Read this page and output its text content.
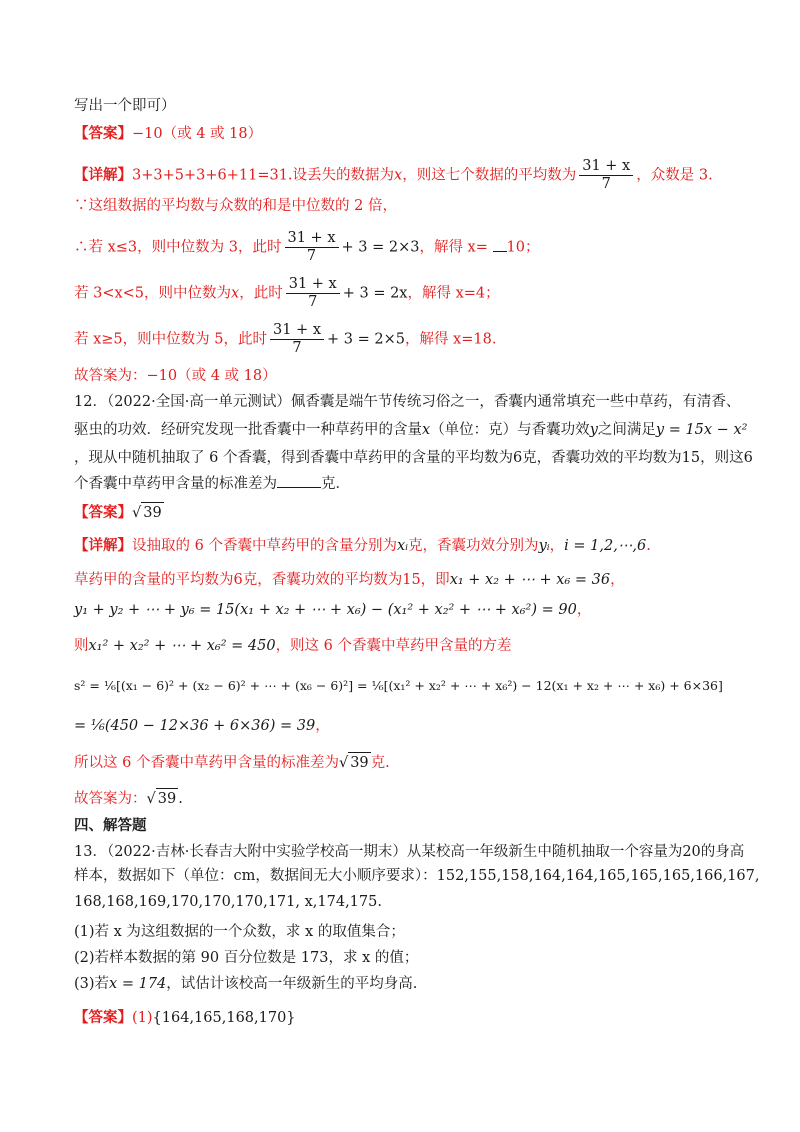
写出一个即可）
【答案】−10（或 4 或 18）
【详解】3+3+5+3+6+11=31.设丢失的数据为x，则这七个数据的平均数为 $\frac{31 + x}{7}$ ，众数是 3.
∵这组数据的平均数与众数的和是中位数的 2 倍，
∴若 x≤3，则中位数为 3，此时 $\frac{31 + x}{7} + 3 = 2\times 3$，解得 x= 10；
若 3<x<5，则中位数为x，此时 $\frac{31 + x}{7} + 3 = 2x$，解得 x=4；
若 x≥5，则中位数为 5，此时 $\frac{31 + x}{7} + 3 = 2\times 5$，解得 x=18.
故答案为：−10（或 4 或 18）
12．（2022·全国·高一单元测试）佩香囊是端午节传统习俗之一，香囊内通常填充一些中草药，有清香、
驱虫的功效．经研究发现一批香囊中一种草药甲的含量x（单位：克）与香囊功效y之间满足y = 15x − x²
，现从中随机抽取了 6 个香囊，得到香囊中草药甲的含量的平均数为6克，香囊功效的平均数为15，则这6
个香囊中草药甲含量的标准差为	克．
【答案】√ 39
【详解】设抽取的 6 个香囊中草药甲的含量分别为xᵢ克，香囊功效分别为yᵢ，i = 1,2,⋯,6.
草药甲的含量的平均数为6克，香囊功效的平均数为15，即x₁ + x₂ + ⋯ + x₆ = 36，
y₁ + y₂ + ⋯ + y₆ = 15(x₁ + x₂ + ⋯ + x₆) − (x₁² + x₂² + ⋯ + x₆²) = 90，
则x₁² + x₂² + ⋯ + x₆² = 450，则这 6 个香囊中草药甲含量的方差
s² = ⅙[(x₁ − 6)² + (x₂ − 6)² + ⋯ + (x₆ − 6)²] = ⅙[(x₁² + x₂² + ⋯ + x₆²) − 12(x₁ + x₂ + ⋯ + x₆) + 6×36]
= ⅙(450 − 12×36 + 6×36) = 39，
所以这 6 个香囊中草药甲含量的标准差为√ 39 克.
故答案为：√ 39 .
四、解答题
13．（2022·吉林·长春吉大附中实验学校高一期末）从某校高一年级新生中随机抽取一个容量为20的身高
样本，数据如下（单位：cm，数据间无大小顺序要求）：152,155,158,164,164,165,165,165,166,167,
168,168,169,170,170,170,171, x,174,175.
(1)若 x 为这组数据的一个众数，求 x 的取值集合；
(2)若样本数据的第 90 百分位数是 173，求 x 的值；
(3)若x = 174，试估计该校高一年级新生的平均身高.
【答案】(1){164,165,168,170}
